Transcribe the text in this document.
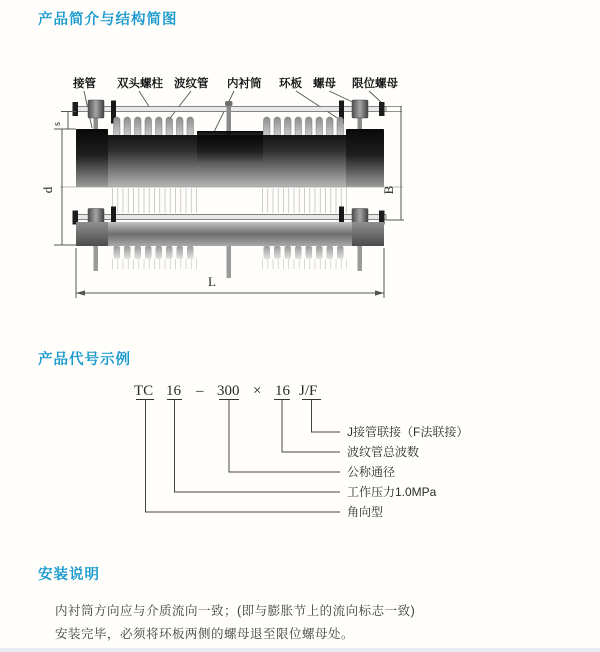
产品简介与结构简图
接管 双头螺柱 波纹管 内衬筒 环板 螺母 限位螺母
s
d	B
L
产品代号示例
TC 16 – 300 × 16 J/F
J接管联接（F法联接）
波纹管总波数
公称通径
工作压力1.0MPa
角向型
安装说明
内衬筒方向应与介质流向一致；(即与膨胀节上的流向标志一致)
安装完毕，必须将环板两侧的螺母退至限位螺母处。
